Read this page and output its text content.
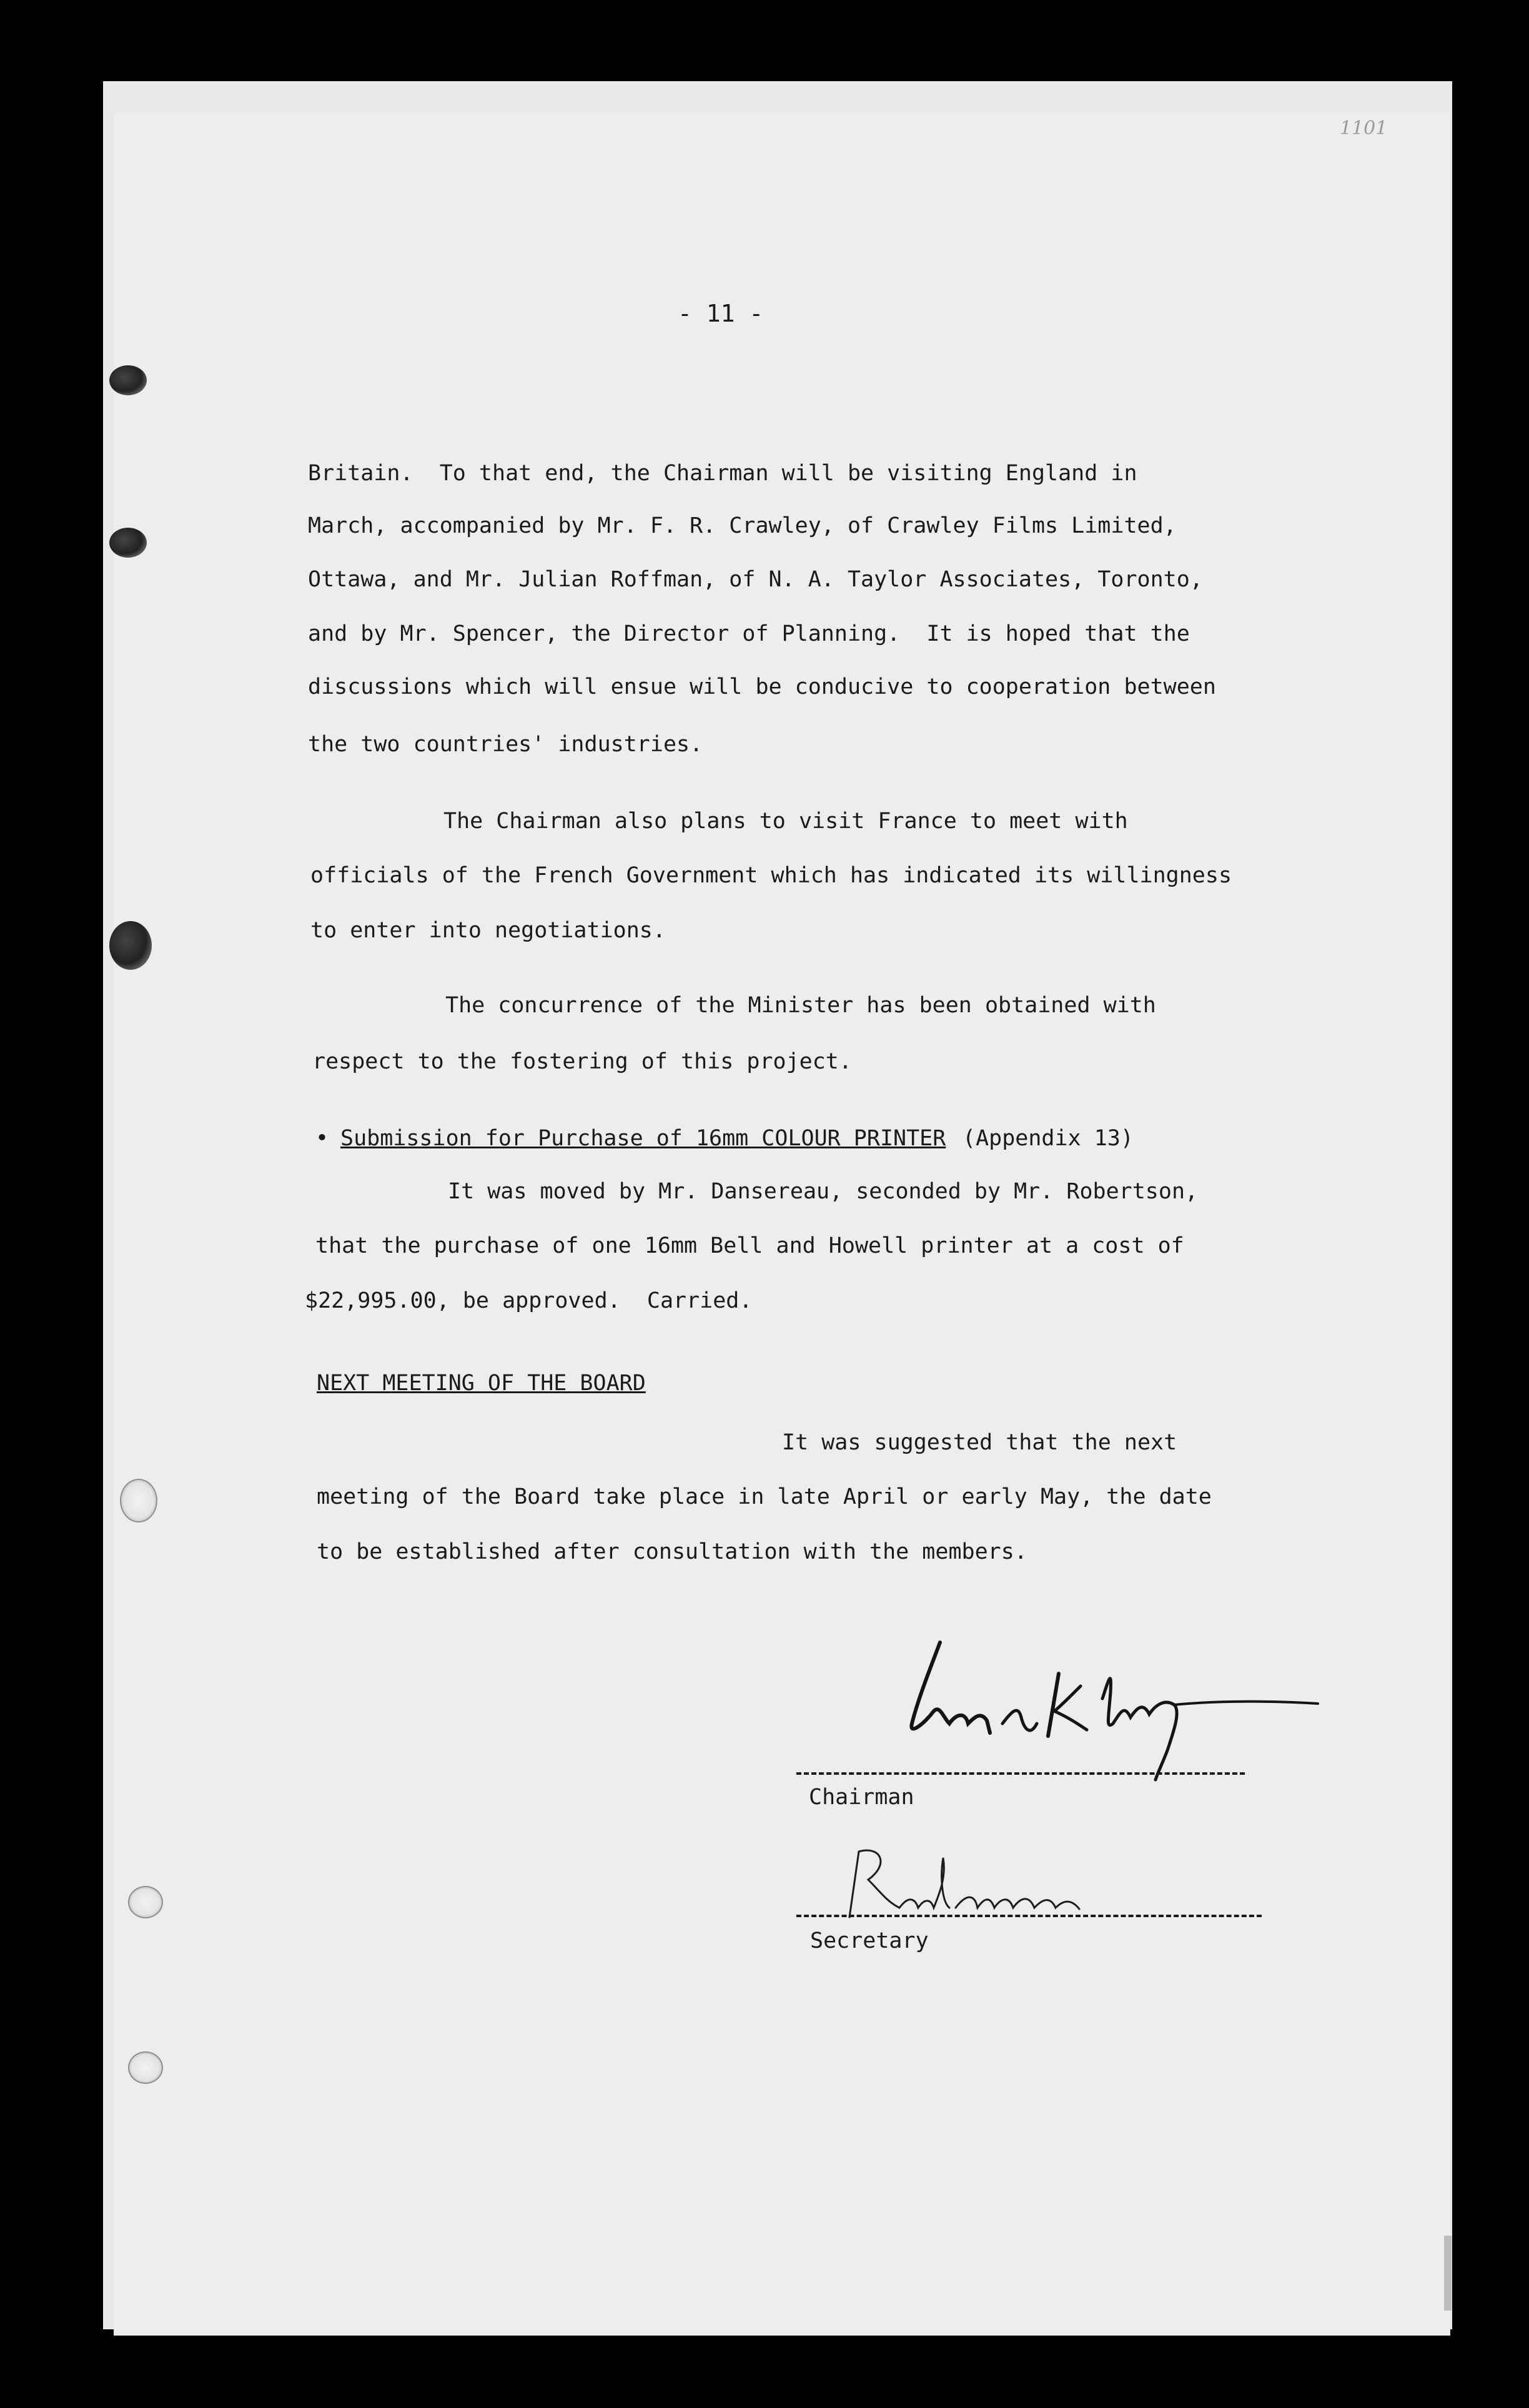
1101
- 11 -
Britain.  To that end, the Chairman will be visiting England in
March, accompanied by Mr. F. R. Crawley, of Crawley Films Limited,
Ottawa, and Mr. Julian Roffman, of N. A. Taylor Associates, Toronto,
and by Mr. Spencer, the Director of Planning.  It is hoped that the
discussions which will ensue will be conducive to cooperation between
the two countries' industries.
The Chairman also plans to visit France to meet with
officials of the French Government which has indicated its willingness
to enter into negotiations.
The concurrence of the Minister has been obtained with
respect to the fostering of this project.
• Submission for Purchase of 16mm COLOUR PRINTER (Appendix 13)
It was moved by Mr. Dansereau, seconded by Mr. Robertson,
that the purchase of one 16mm Bell and Howell printer at a cost of
$22,995.00, be approved.  Carried.
NEXT MEETING OF THE BOARD
It was suggested that the next
meeting of the Board take place in late April or early May, the date
to be established after consultation with the members.
Chairman
Secretary
